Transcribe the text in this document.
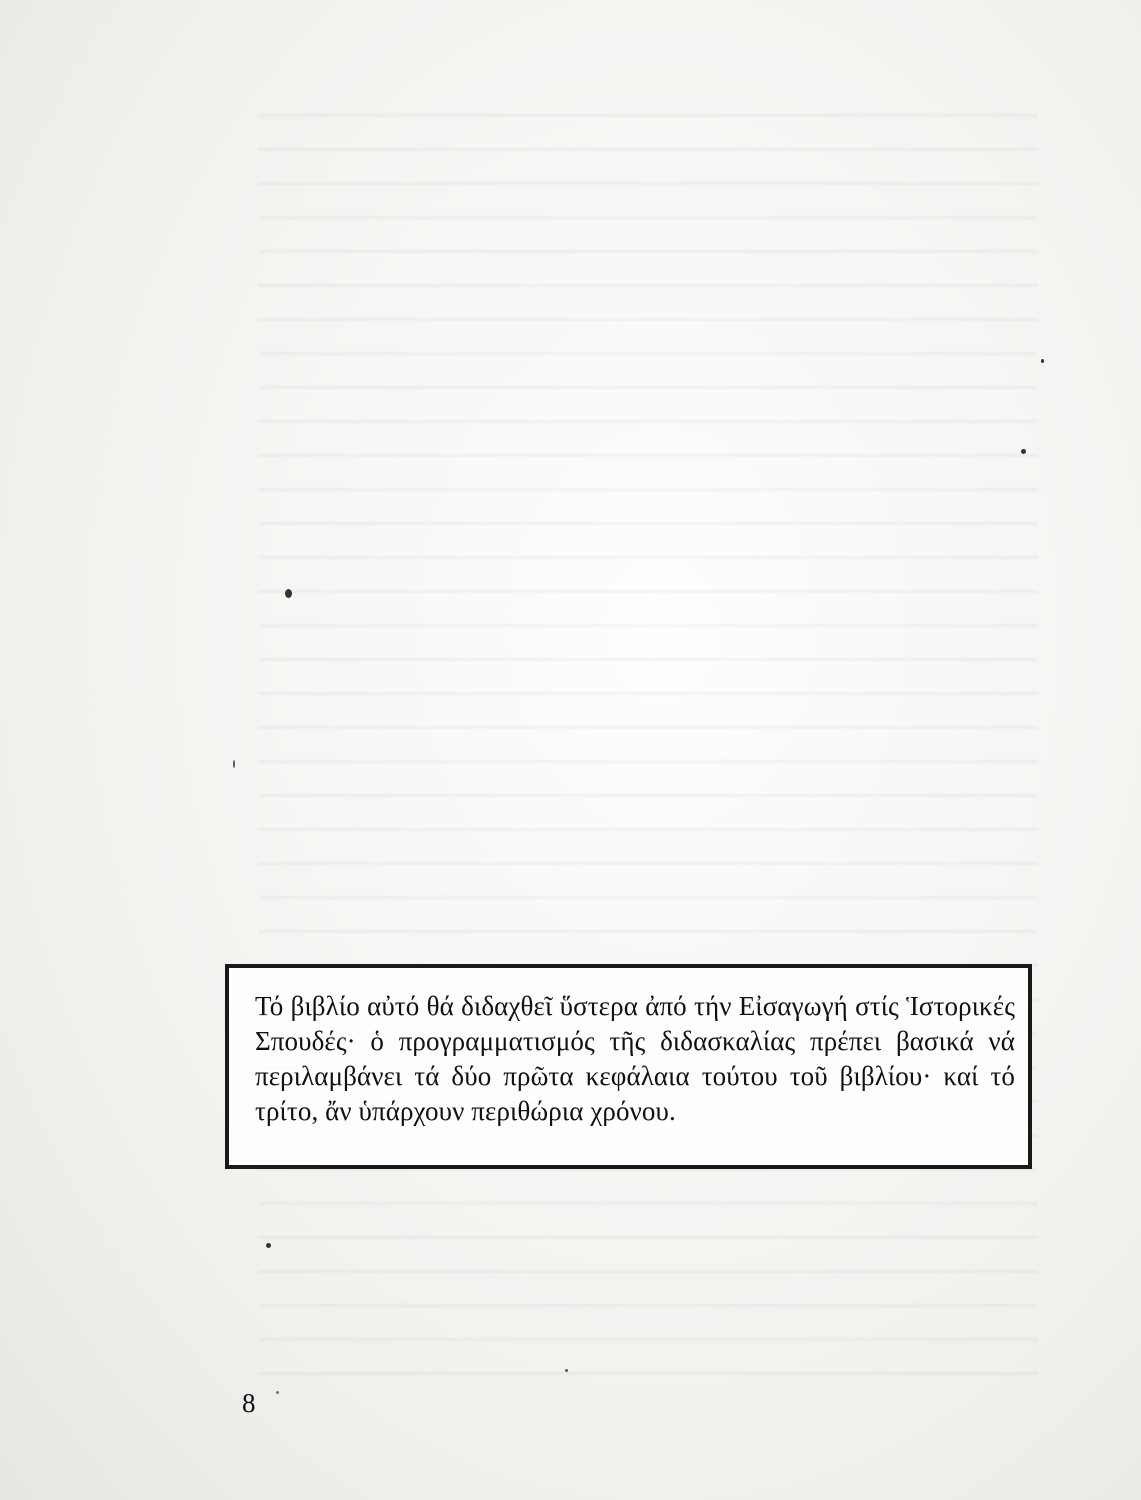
Τό βιβλίο αὐτό θά διδαχθεῖ ὕστερα ἀπό τήν Εἰσαγωγή στίς Ἱστορικές Σπουδές· ὁ προγραμματισμός τῆς διδασκαλίας πρέπει βασικά νά περιλαμβάνει τά δύο πρῶτα κεφάλαια τούτου τοῦ βιβλίου· καί τό τρίτο, ἄν ὑπάρχουν περιθώρια χρόνου.

8
